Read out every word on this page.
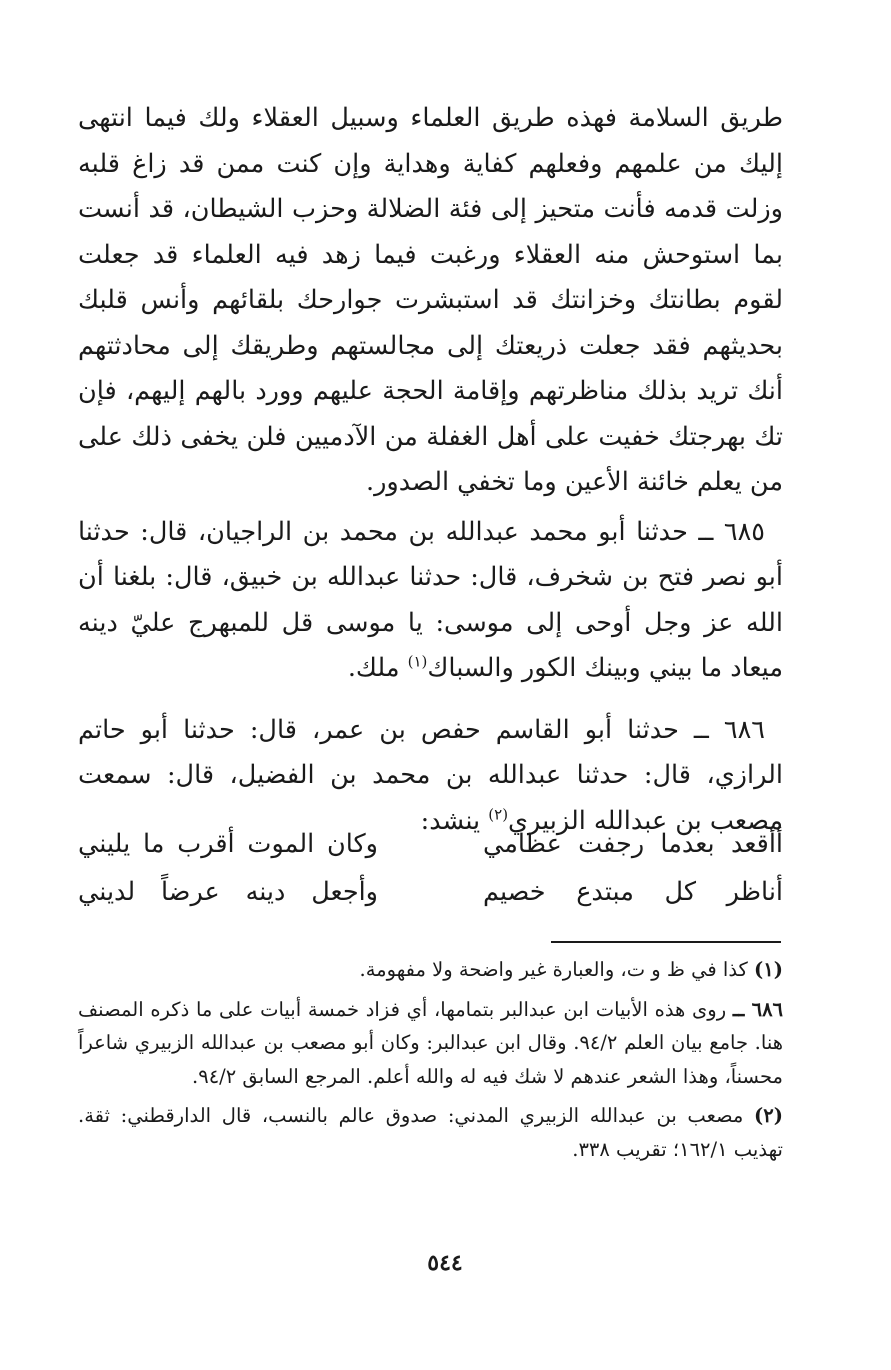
طريق السلامة فهذه طريق العلماء وسبيل العقلاء ولك فيما انتهى إليك من علمهم وفعلهم كفاية وهداية وإن كنت ممن قد زاغ قلبه وزلت قدمه فأنت متحيز إلى فئة الضلالة وحزب الشيطان، قد أنست بما استوحش منه العقلاء ورغبت فيما زهد فيه العلماء قد جعلت لقوم بطانتك وخزانتك قد استبشرت جوارحك بلقائهم وأنس قلبك بحديثهم فقد جعلت ذريعتك إلى مجالستهم وطريقك إلى محادثتهم أنك تريد بذلك مناظرتهم وإقامة الحجة عليهم وورد بالهم إليهم، فإن تك بهرجتك خفيت على أهل الغفلة من الآدميين فلن يخفى ذلك على من يعلم خائنة الأعين وما تخفي الصدور.

٦٨٥ ــ حدثنا أبو محمد عبدالله بن محمد بن الراجيان، قال: حدثنا أبو نصر فتح بن شخرف، قال: حدثنا عبدالله بن خبيق، قال: بلغنا أن الله عز وجل أوحى إلى موسى: يا موسى قل للمبهرج عليّ دينه ميعاد ما بيني وبينك الكور والسباك$^{(١)}$ ملك.

٦٨٦ ــ حدثنا أبو القاسم حفص بن عمر، قال: حدثنا أبو حاتم الرازي، قال: حدثنا عبدالله بن محمد بن الفضيل، قال: سمعت مصعب بن عبدالله الزبيري$^{(٢)}$ ينشد:

أأقعد بعدما رجفت عظامي
وكان الموت أقرب ما يليني
أناظر كل مبتدع خصيم
وأجعل دينه عرضاً لديني

(١) كذا في ظ و ت، والعبارة غير واضحة ولا مفهومة.

٦٨٦ ــ روى هذه الأبيات ابن عبدالبر بتمامها، أي فزاد خمسة أبيات على ما ذكره المصنف هنا. جامع بيان العلم ٩٤/٢. وقال ابن عبدالبر: وكان أبو مصعب بن عبدالله الزبيري شاعراً محسناً، وهذا الشعر عندهم لا شك فيه له والله أعلم. المرجع السابق ٩٤/٢.

(٢) مصعب بن عبدالله الزبيري المدني: صدوق عالم بالنسب، قال الدارقطني: ثقة. تهذيب ١٦٢/١؛ تقريب ٣٣٨.

٥٤٤
